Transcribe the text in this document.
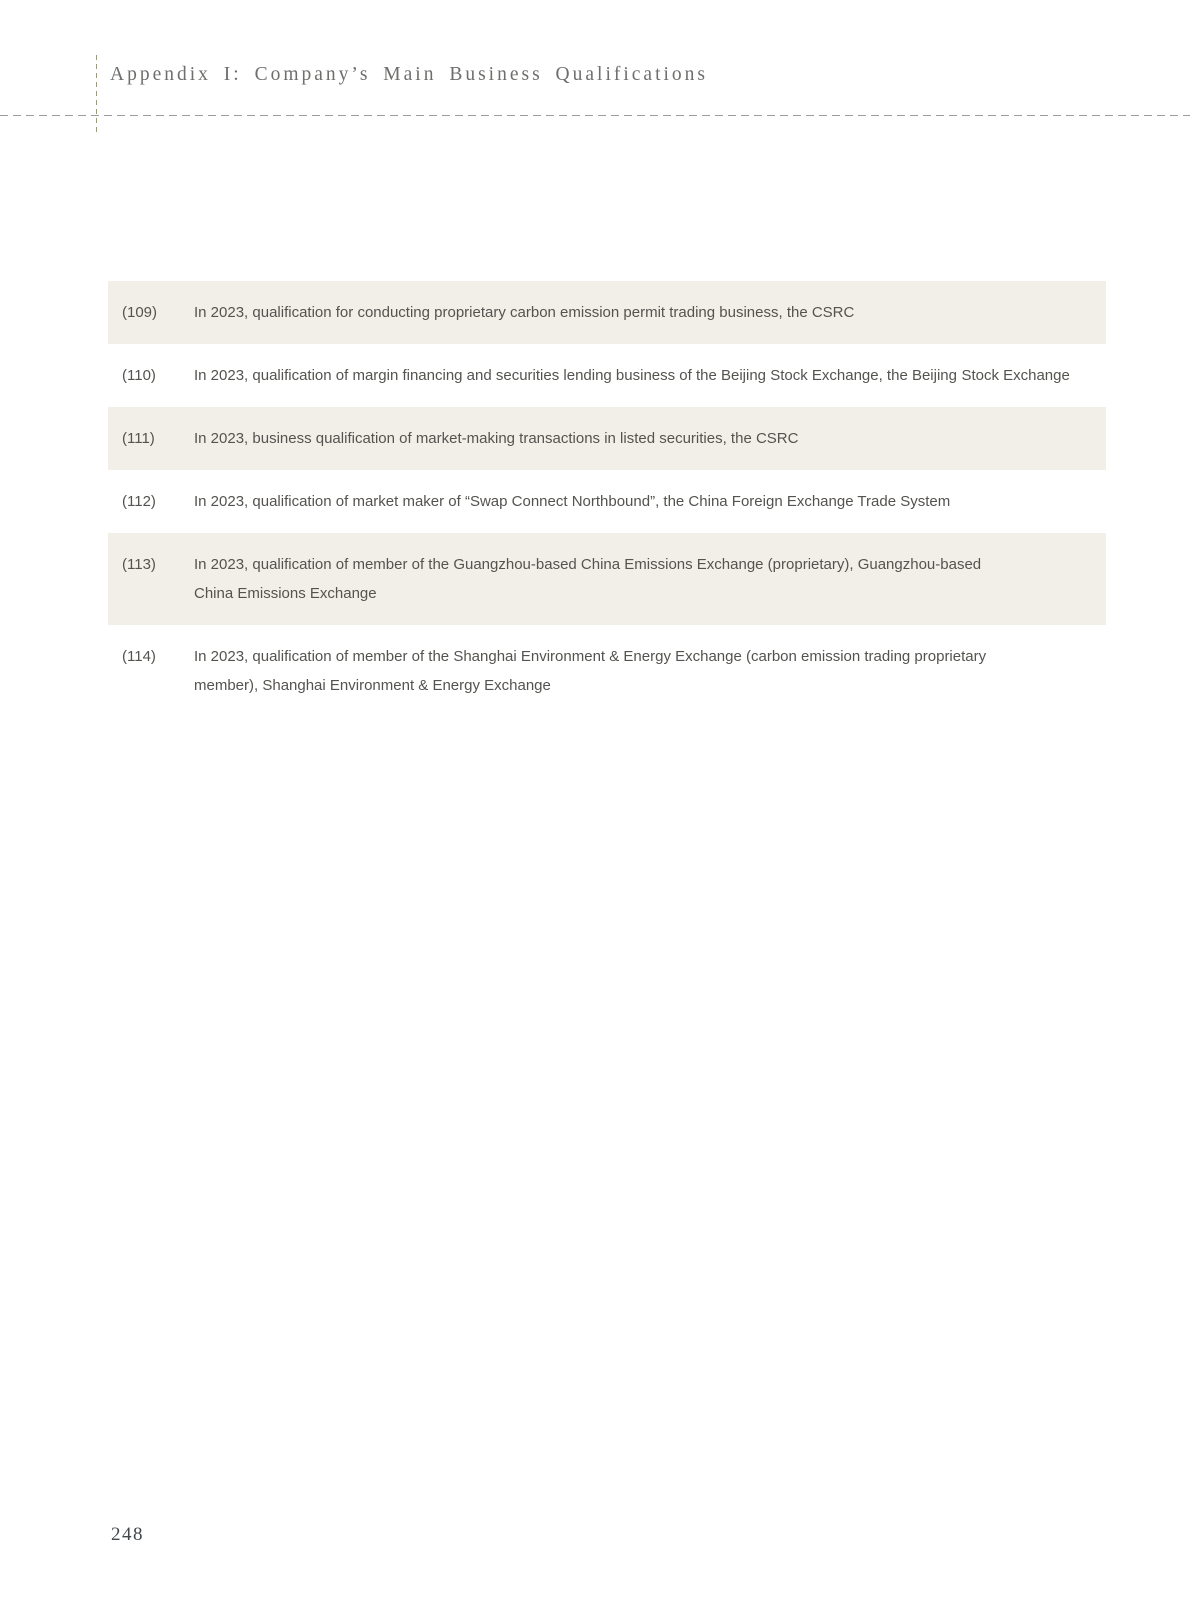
Appendix I: Company’s Main Business Qualifications
(109)	In 2023, qualification for conducting proprietary carbon emission permit trading business, the CSRC
(110)	In 2023, qualification of margin financing and securities lending business of the Beijing Stock Exchange, the Beijing Stock Exchange
(111)	In 2023, business qualification of market-making transactions in listed securities, the CSRC
(112)	In 2023, qualification of market maker of “Swap Connect Northbound”, the China Foreign Exchange Trade System
(113)	In 2023, qualification of member of the Guangzhou-based China Emissions Exchange (proprietary), Guangzhou-based China Emissions Exchange
(114)	In 2023, qualification of member of the Shanghai Environment & Energy Exchange (carbon emission trading proprietary member), Shanghai Environment & Energy Exchange
248
